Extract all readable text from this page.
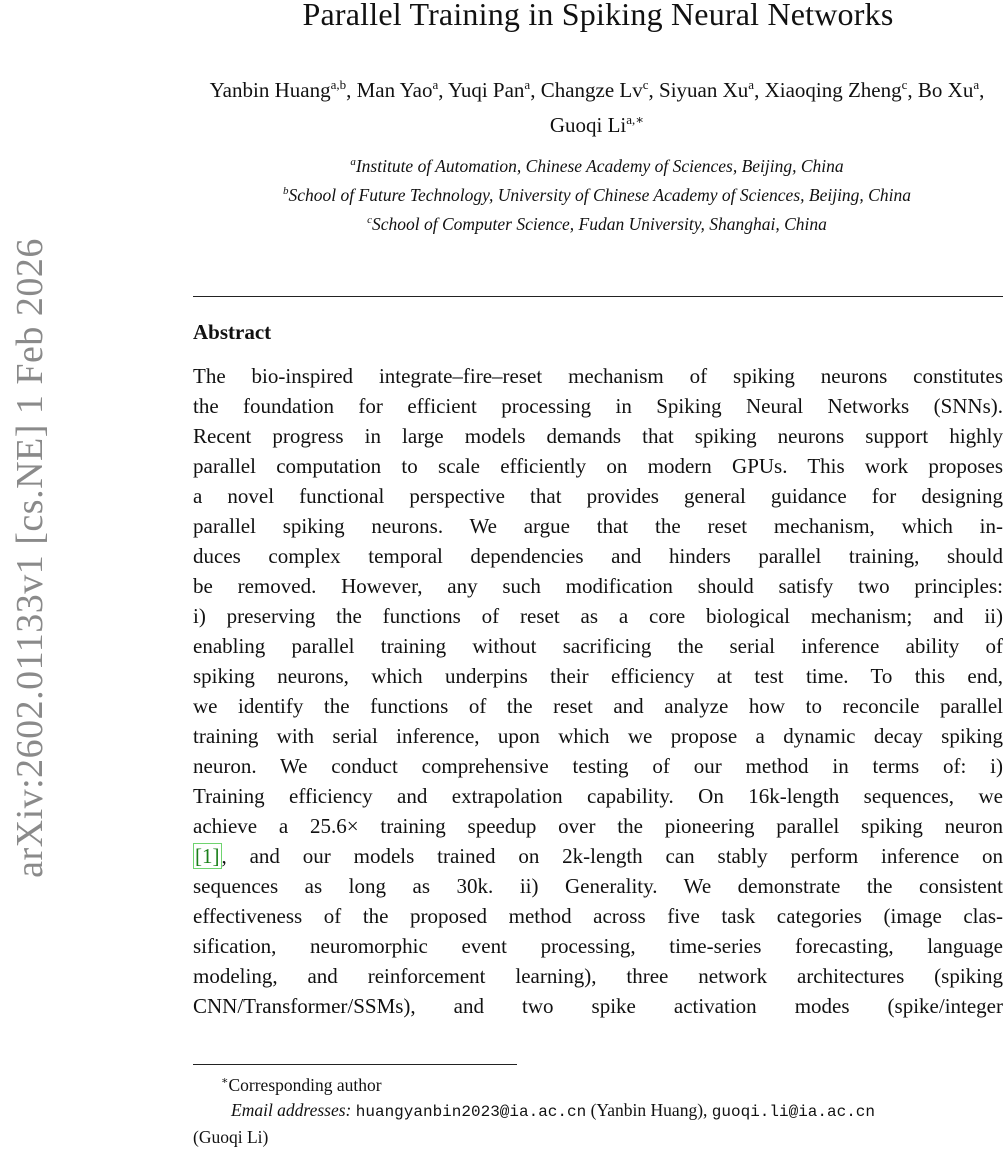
arXiv:2602.01133v1 [cs.NE] 1 Feb 2026
Parallel Training in Spiking Neural Networks
Yanbin Huang$^{a,b}$, Man Yao$^a$, Yuqi Pan$^a$, Changze Lv$^c$, Siyuan Xu$^a$, Xiaoqing Zheng$^c$, Bo Xu$^a$, Guoqi $Li^{a,∗}$
$^a$Institute of Automation, Chinese Academy of Sciences, Beijing, China
$^b$School of Future Technology, University of Chinese Academy of Sciences, Beijing, China
$^c$School of Computer Science, Fudan University, Shanghai, China
Abstract
The bio-inspired integrate–fire–reset mechanism of spiking neurons constitutes
the foundation for efficient processing in Spiking Neural Networks (SNNs).
Recent progress in large models demands that spiking neurons support highly
parallel computation to scale efficiently on modern GPUs. This work proposes
a novel functional perspective that provides general guidance for designing
parallel spiking neurons. We argue that the reset mechanism, which in-
duces complex temporal dependencies and hinders parallel training, should
be removed. However, any such modification should satisfy two principles:
i) preserving the functions of reset as a core biological mechanism; and ii)
enabling parallel training without sacrificing the serial inference ability of
spiking neurons, which underpins their efficiency at test time. To this end,
we identify the functions of the reset and analyze how to reconcile parallel
training with serial inference, upon which we propose a dynamic decay spiking
neuron. We conduct comprehensive testing of our method in terms of: i)
Training efficiency and extrapolation capability. On 16k-length sequences, we
achieve a 25.6× training speedup over the pioneering parallel spiking neuron
[1], and our models trained on 2k-length can stably perform inference on
sequences as long as 30k. ii) Generality. We demonstrate the consistent
effectiveness of the proposed method across five task categories (image clas-
sification, neuromorphic event processing, time-series forecasting, language
modeling, and reinforcement learning), three network architectures (spiking
CNN/Transformer/SSMs), and two spike activation modes (spike/integer
∗Corresponding author
Email addresses: huangyanbin2023@ia.ac.cn (Yanbin Huang), guoqi.li@ia.ac.cn
(Guoqi Li)
